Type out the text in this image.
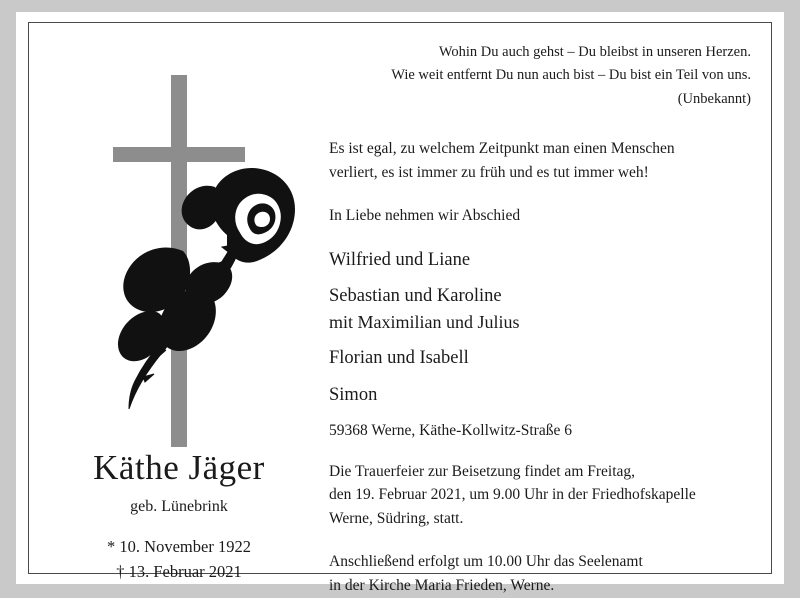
Käthe Jäger
geb. Lünebrink
* 10. November 1922
† 13. Februar 2021
Wohin Du auch gehst – Du bleibst in unseren Herzen.
Wie weit entfernt Du nun auch bist – Du bist ein Teil von uns.
(Unbekannt)
Es ist egal, zu welchem Zeitpunkt man einen Menschen
verliert, es ist immer zu früh und es tut immer weh!
In Liebe nehmen wir Abschied
Wilfried und Liane
Sebastian und Karoline
mit Maximilian und Julius
Florian und Isabell
Simon
59368 Werne, Käthe-Kollwitz-Straße 6
Die Trauerfeier zur Beisetzung findet am Freitag,
den 19. Februar 2021, um 9.00 Uhr in der Friedhofskapelle
Werne, Südring, statt.
Anschließend erfolgt um 10.00 Uhr das Seelenamt
in der Kirche Maria Frieden, Werne.
